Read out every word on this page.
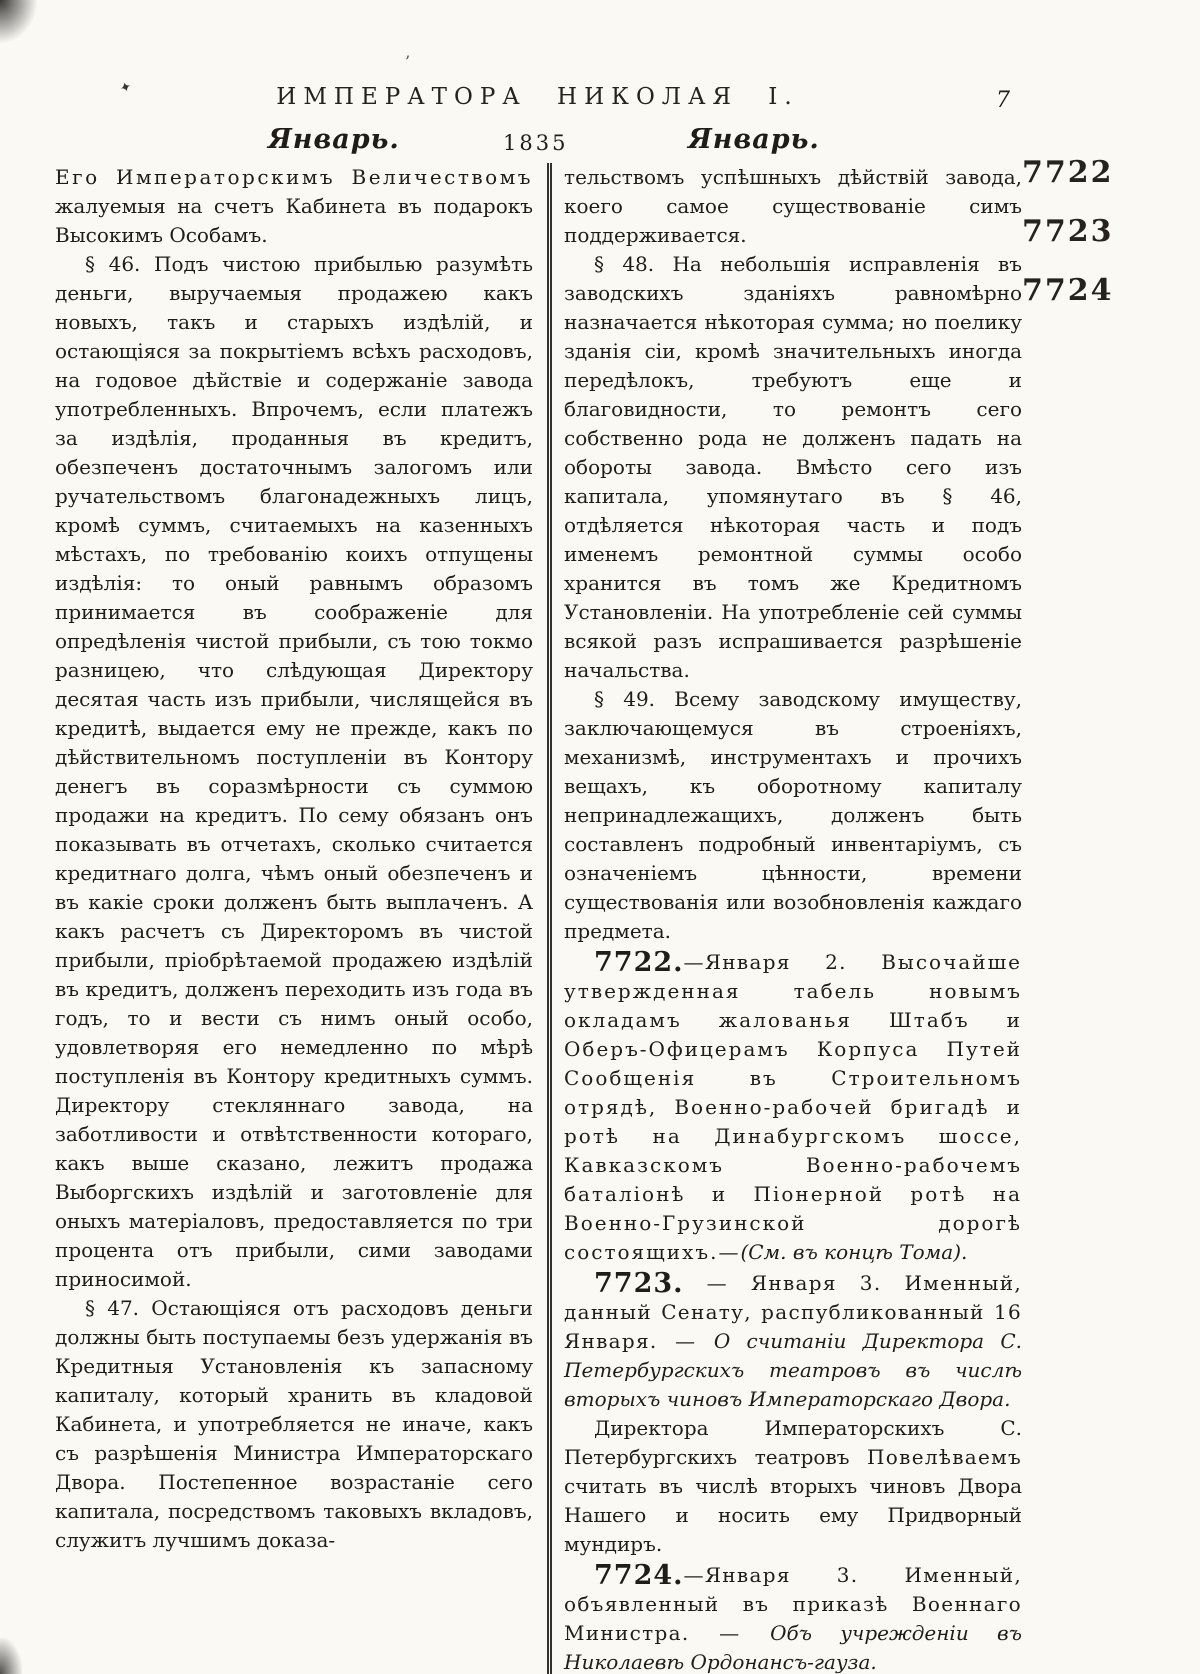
✦
’
ИМПЕРАТОРА НИКОЛАЯ I.	7
Январь.	1835	Январь.
7722
7723
7724

Его Императорскимъ Величествомъ жалуемыя на счетъ Кабинета въ подарокъ Высокимъ Особамъ.

§ 46. Подъ чистою прибылью разумѣть деньги, выручаемыя продажею какъ новыхъ, такъ и старыхъ издѣлій, и остающіяся за покрытіемъ всѣхъ расходовъ, на годовое дѣйствіе и содержаніе завода употребленныхъ. Впрочемъ, если платежъ за издѣлія, проданныя въ кредитъ, обезпеченъ достаточнымъ залогомъ или ручательствомъ благонадежныхъ лицъ, кромѣ суммъ, считаемыхъ на казенныхъ мѣстахъ, по требованію коихъ отпущены издѣлія: то оный равнымъ образомъ принимается въ соображеніе для опредѣленія чистой прибыли, съ тою токмо разницею, что слѣдующая Директору десятая часть изъ прибыли, числящейся въ кредитѣ, выдается ему не прежде, какъ по дѣйствительномъ поступленіи въ Контору денегъ въ соразмѣрности съ суммою продажи на кредитъ. По сему обязанъ онъ показывать въ отчетахъ, сколько считается кредитнаго долга, чѣмъ оный обезпеченъ и въ какіе сроки долженъ быть выплаченъ. А какъ расчетъ съ Директоромъ въ чистой прибыли, пріобрѣтаемой продажею издѣлій въ кредитъ, долженъ переходить изъ года въ годъ, то и вести съ нимъ оный особо, удовлетворяя его немедленно по мѣрѣ поступленія въ Контору кредитныхъ суммъ. Директору стекляннаго завода, на заботливости и отвѣтственности котораго, какъ выше сказано, лежитъ продажа Выборгскихъ издѣлій и заготовленіе для оныхъ матеріаловъ, предоставляется по три процента отъ прибыли, сими заводами приносимой.

§ 47. Остающіяся отъ расходовъ деньги должны быть поступаемы безъ удержанія въ Кредитныя Установленія къ запасному капиталу, который хранить въ кладовой Кабинета, и употребляется не иначе, какъ съ разрѣшенія Министра Императорскаго Двора. Постепенное возрастаніе сего капитала, посредствомъ таковыхъ вкладовъ, служитъ лучшимъ доказа-

тельствомъ успѣшныхъ дѣйствій завода, коего самое существованіе симъ поддерживается.

§ 48. На небольшія исправленія въ заводскихъ зданіяхъ равномѣрно назначается нѣкоторая сумма; но поелику зданія сіи, кромѣ значительныхъ иногда передѣлокъ, требуютъ еще и благовидности, то ремонтъ сего собственно рода не долженъ падать на обороты завода. Вмѣсто сего изъ капитала, упомянутаго въ § 46, отдѣляется нѣкоторая часть и подъ именемъ ремонтной суммы особо хранится въ томъ же Кредитномъ Установленіи. На употребленіе сей суммы всякой разъ испрашивается разрѣшеніе начальства.

§ 49. Всему заводскому имуществу, заключающемуся въ строеніяхъ, механизмѣ, инструментахъ и прочихъ вещахъ, къ оборотному капиталу непринадлежащихъ, долженъ быть составленъ подробный инвентаріумъ, съ означеніемъ цѣнности, времени существованія или возобновленія каждаго предмета.

7722.—Января 2. Высочайше утвержденная табель новымъ окладамъ жалованья Штабъ и Оберъ-Офицерамъ Корпуса Путей Сообщенія въ Строительномъ отрядѣ, Военно-рабочей бригадѣ и ротѣ на Динабургскомъ шоссе, Кавказскомъ Военно-рабочемъ баталіонѣ и Піонерной ротѣ на Военно-Грузинской дорогѣ состоящихъ.—(См. въ концѣ Тома).

7723. — Января 3. Именный, данный Сенату, распубликованный 16 Января. — О считаніи Директора С. Петербургскихъ театровъ въ числѣ вторыхъ чиновъ Императорскаго Двора.

Директора Императорскихъ С. Петербургскихъ театровъ Повелѣваемъ считать въ числѣ вторыхъ чиновъ Двора Нашего и носить ему Придворный мундиръ.

7724.—Января 3. Именный, объявленный въ приказѣ Военнаго Министра. — Объ учрежденіи въ Николаевѣ Ордонансъ-гауза.
